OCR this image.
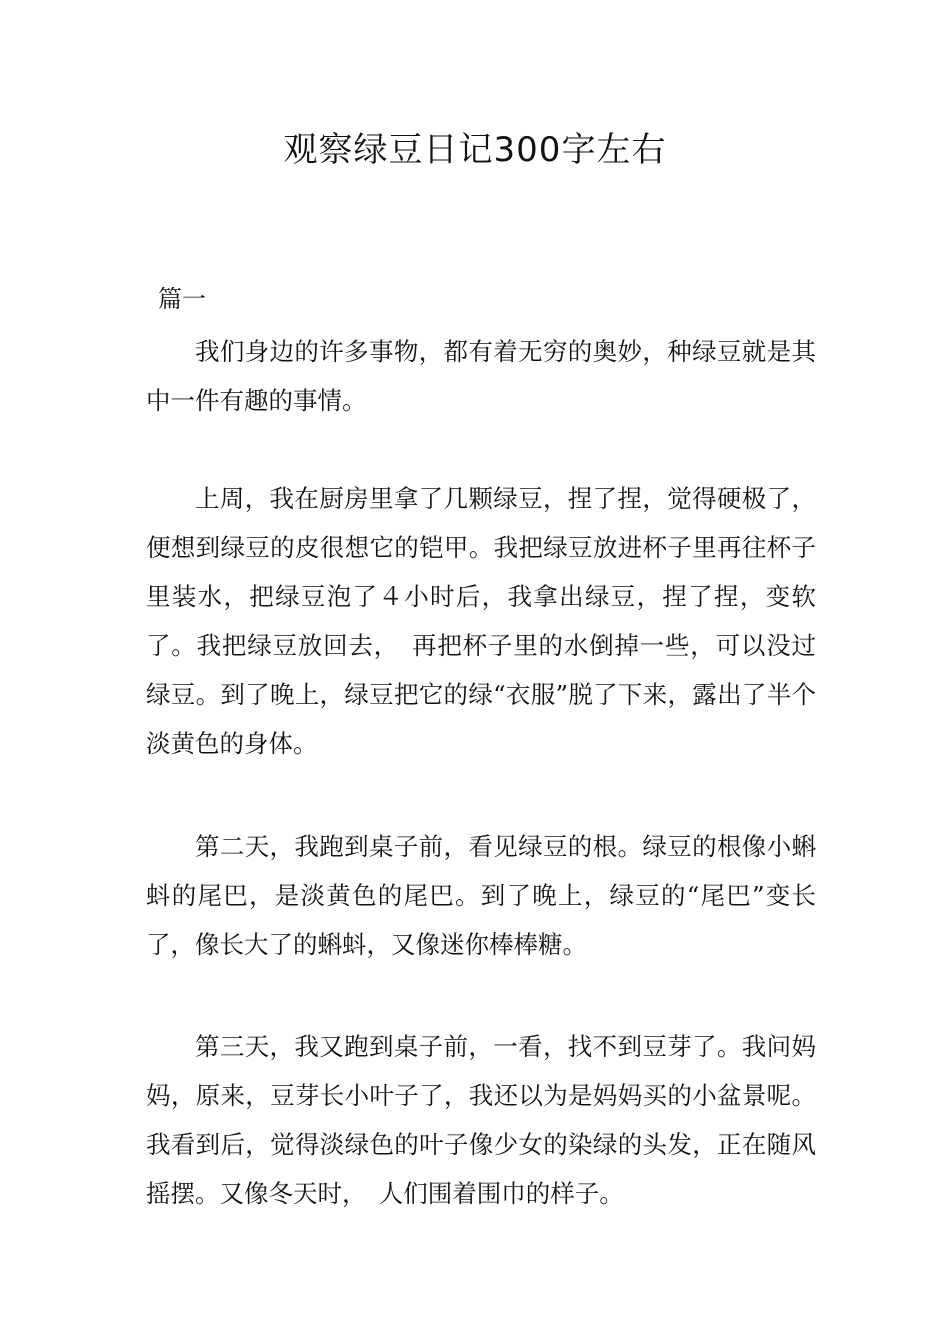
观察绿豆日记300字左右

篇一

我们身边的许多事物，都有着无穷的奥妙，种绿豆就是其中一件有趣的事情。

上周，我在厨房里拿了几颗绿豆，捏了捏，觉得硬极了，便想到绿豆的皮很想它的铠甲。我把绿豆放进杯子里再往杯子里装水，把绿豆泡了４小时后，我拿出绿豆，捏了捏，变软了。我把绿豆放回去，　再把杯子里的水倒掉一些，可以没过绿豆。到了晚上，绿豆把它的绿“衣服”脱了下来，露出了半个淡黄色的身体。

第二天，我跑到桌子前，看见绿豆的根。绿豆的根像小蝌蚪的尾巴，是淡黄色的尾巴。到了晚上，绿豆的“尾巴”变长了，像长大了的蝌蚪，又像迷你棒棒糖。

第三天，我又跑到桌子前，一看，找不到豆芽了。我问妈妈，原来，豆芽长小叶子了，我还以为是妈妈买的小盆景呢。我看到后，觉得淡绿色的叶子像少女的染绿的头发，正在随风摇摆。又像冬天时，　人们围着围巾的样子。
